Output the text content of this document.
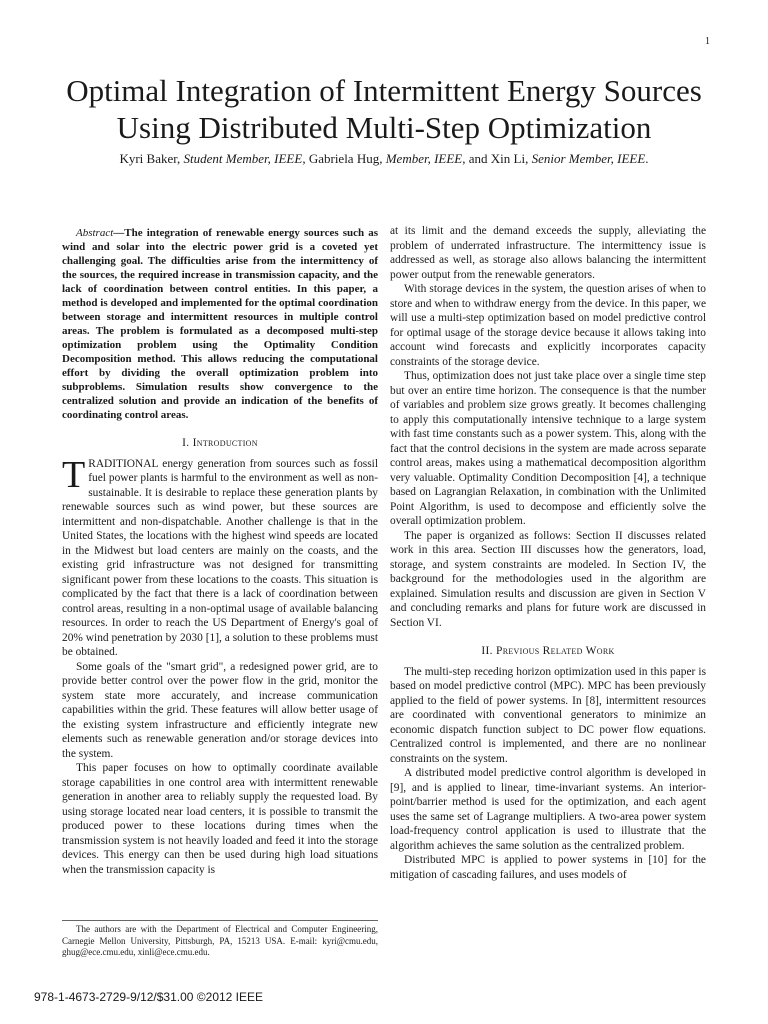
1
Optimal Integration of Intermittent Energy Sources
Using Distributed Multi-Step Optimization
Kyri Baker, Student Member, IEEE, Gabriela Hug, Member, IEEE, and Xin Li, Senior Member, IEEE.

Abstract—The integration of renewable energy sources such as wind and solar into the electric power grid is a coveted yet challenging goal. The difficulties arise from the intermittency of the sources, the required increase in transmission capacity, and the lack of coordination between control entities. In this paper, a method is developed and implemented for the optimal coordination between storage and intermittent resources in multiple control areas. The problem is formulated as a decomposed multi-step optimization problem using the Optimality Condition Decomposition method. This allows reducing the computational effort by dividing the overall optimization problem into subproblems. Simulation results show convergence to the centralized solution and provide an indication of the benefits of coordinating control areas.

I. Introduction

TRADITIONAL energy generation from sources such as fossil fuel power plants is harmful to the environment as well as non-sustainable. It is desirable to replace these generation plants by renewable sources such as wind power, but these sources are intermittent and non-dispatchable. Another challenge is that in the United States, the locations with the highest wind speeds are located in the Midwest but load centers are mainly on the coasts, and the existing grid infrastructure was not designed for transmitting significant power from these locations to the coasts. This situation is complicated by the fact that there is a lack of coordination between control areas, resulting in a non-optimal usage of available balancing resources. In order to reach the US Department of Energy's goal of 20% wind penetration by 2030 [1], a solution to these problems must be obtained.

Some goals of the "smart grid", a redesigned power grid, are to provide better control over the power flow in the grid, monitor the system state more accurately, and increase communication capabilities within the grid. These features will allow better usage of the existing system infrastructure and efficiently integrate new elements such as renewable generation and/or storage devices into the system.

This paper focuses on how to optimally coordinate available storage capabilities in one control area with intermittent renewable generation in another area to reliably supply the requested load. By using storage located near load centers, it is possible to transmit the produced power to these locations during times when the transmission system is not heavily loaded and feed it into the storage devices. This energy can then be used during high load situations when the transmission capacity is

at its limit and the demand exceeds the supply, alleviating the problem of underrated infrastructure. The intermittency issue is addressed as well, as storage also allows balancing the intermittent power output from the renewable generators.

With storage devices in the system, the question arises of when to store and when to withdraw energy from the device. In this paper, we will use a multi-step optimization based on model predictive control for optimal usage of the storage device because it allows taking into account wind forecasts and explicitly incorporates capacity constraints of the storage device.

Thus, optimization does not just take place over a single time step but over an entire time horizon. The consequence is that the number of variables and problem size grows greatly. It becomes challenging to apply this computationally intensive technique to a large system with fast time constants such as a power system. This, along with the fact that the control decisions in the system are made across separate control areas, makes using a mathematical decomposition algorithm very valuable. Optimality Condition Decomposition [4], a technique based on Lagrangian Relaxation, in combination with the Unlimited Point Algorithm, is used to decompose and efficiently solve the overall optimization problem.

The paper is organized as follows: Section II discusses related work in this area. Section III discusses how the generators, load, storage, and system constraints are modeled. In Section IV, the background for the methodologies used in the algorithm are explained. Simulation results and discussion are given in Section V and concluding remarks and plans for future work are discussed in Section VI.

II. Previous Related Work

The multi-step receding horizon optimization used in this paper is based on model predictive control (MPC). MPC has been previously applied to the field of power systems. In [8], intermittent resources are coordinated with conventional generators to minimize an economic dispatch function subject to DC power flow equations. Centralized control is implemented, and there are no nonlinear constraints on the system.

A distributed model predictive control algorithm is developed in [9], and is applied to linear, time-invariant systems. An interior-point/barrier method is used for the optimization, and each agent uses the same set of Lagrange multipliers. A two-area power system load-frequency control application is used to illustrate that the algorithm achieves the same solution as the centralized problem.

Distributed MPC is applied to power systems in [10] for the mitigation of cascading failures, and uses models of

The authors are with the Department of Electrical and Computer Engineering, Carnegie Mellon University, Pittsburgh, PA, 15213 USA. E-mail: kyri@cmu.edu, ghug@ece.cmu.edu, xinli@ece.cmu.edu.
978-1-4673-2729-9/12/$31.00 ©2012 IEEE
